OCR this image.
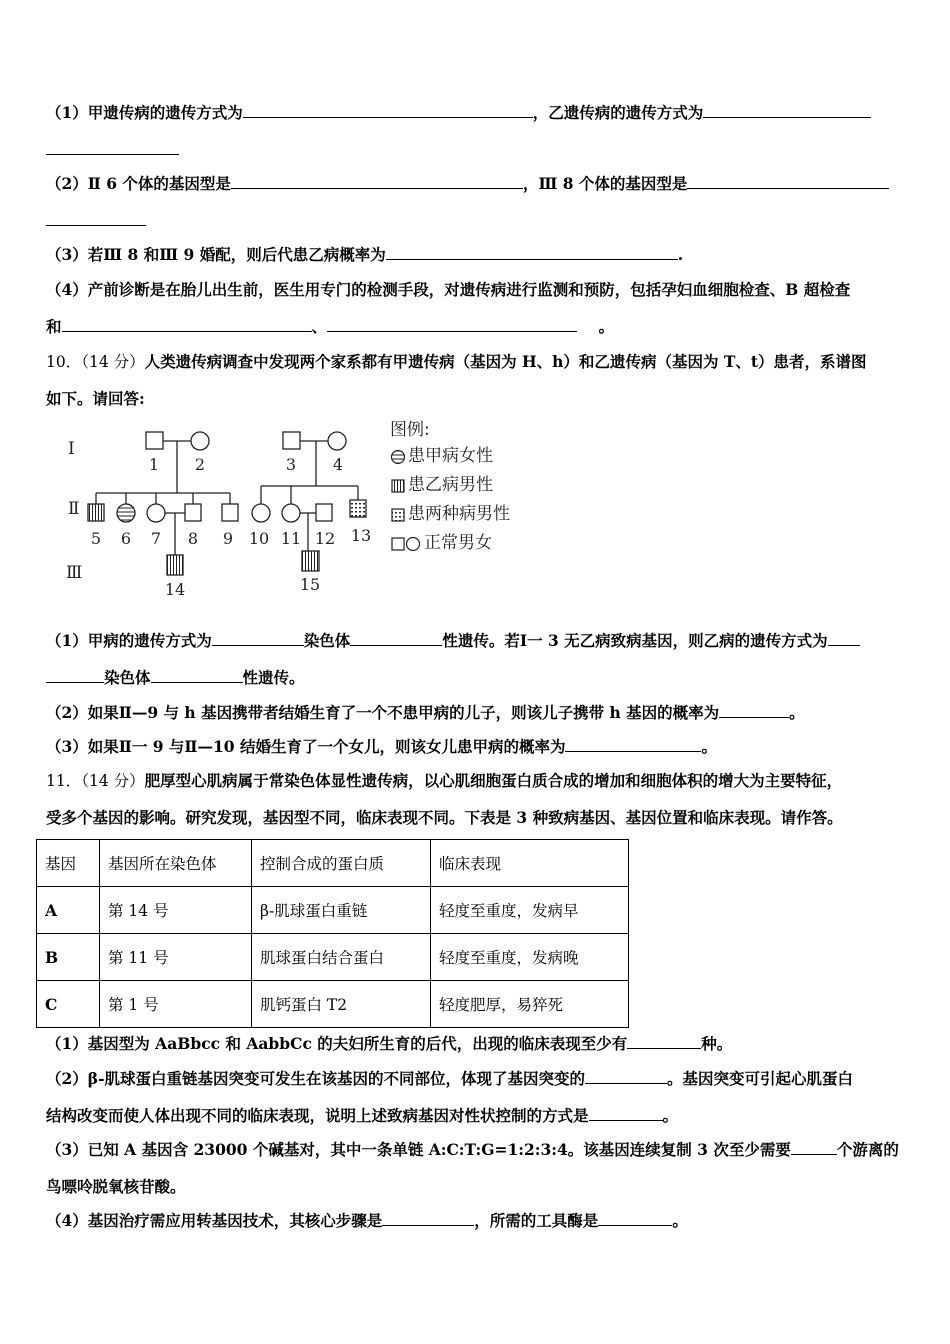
（1）甲遗传病的遗传方式为	，乙遗传病的遗传方式为
（2）Ⅱ 6 个体的基因型是	，Ⅲ 8 个体的基因型是
（3）若Ⅲ 8 和Ⅲ 9 婚配，则后代患乙病概率为	.
（4）产前诊断是在胎儿出生前，医生用专门的检测手段，对遗传病进行监测和预防，包括孕妇血细胞检查、B 超检查
和	、	。
10．（14 分）人类遗传病调查中发现两个家系都有甲遗传病（基因为 H、h）和乙遗传病（基因为 T、t）患者，系谱图
如下。请回答:
Ⅰ
Ⅱ
Ⅲ
1 2	3 4
5 6 7 8 9 10 11 12 13
14	15
图例:
患甲病女性
患乙病男性
患两种病男性
正常男女
（1）甲病的遗传方式为	染色体	性遗传。若Ⅰ一 3 无乙病致病基因，则乙病的遗传方式为
染色体	性遗传。
（2）如果Ⅱ—9 与 h 基因携带者结婚生育了一个不患甲病的儿子，则该儿子携带 h 基因的概率为	。
（3）如果Ⅱ一 9 与Ⅱ—10 结婚生育了一个女儿，则该女儿患甲病的概率为	。
11．（14 分）肥厚型心肌病属于常染色体显性遗传病，以心肌细胞蛋白质合成的增加和细胞体积的增大为主要特征，
受多个基因的影响。研究发现，基因型不同，临床表现不同。下表是 3 种致病基因、基因位置和临床表现。请作答。
基因	基因所在染色体	控制合成的蛋白质	临床表现
A	第 14 号	β-肌球蛋白重链	轻度至重度，发病早
B	第 11 号	肌球蛋白结合蛋白	轻度至重度，发病晚
C	第 1 号	肌钙蛋白 T2	轻度肥厚，易猝死
（1）基因型为 AaBbcc 和 AabbCc 的夫妇所生育的后代，出现的临床表现至少有	种。
（2）β-肌球蛋白重链基因突变可发生在该基因的不同部位，体现了基因突变的	。基因突变可引起心肌蛋白
结构改变而使人体出现不同的临床表现，说明上述致病基因对性状控制的方式是	。
（3）已知 A 基因含 23000 个碱基对，其中一条单链 A:C:T:G=1:2:3:4。该基因连续复制 3 次至少需要	个游离的
鸟嘌呤脱氧核苷酸。
（4）基因治疗需应用转基因技术，其核心步骤是	，所需的工具酶是	。
